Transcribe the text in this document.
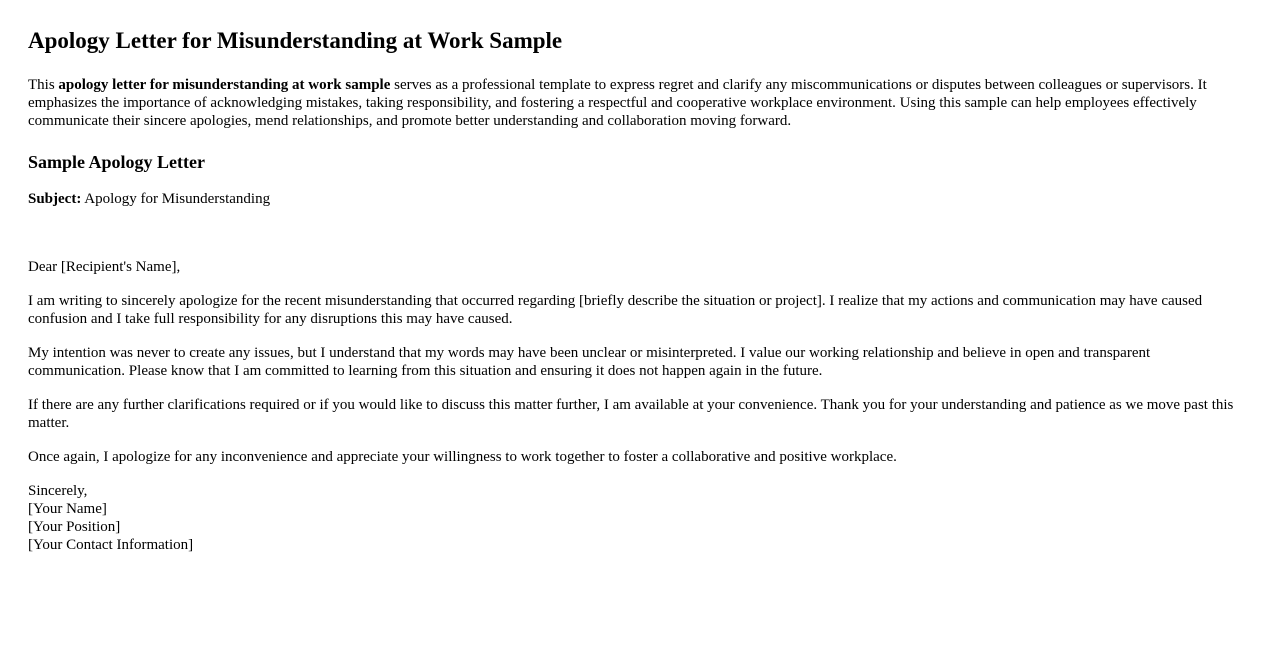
Apology Letter for Misunderstanding at Work Sample

This apology letter for misunderstanding at work sample serves as a professional template to express regret and clarify any miscommunications or disputes between colleagues or supervisors. It emphasizes the importance of acknowledging mistakes, taking responsibility, and fostering a respectful and cooperative workplace environment. Using this sample can help employees effectively communicate their sincere apologies, mend relationships, and promote better understanding and collaboration moving forward.

Sample Apology Letter

Subject: Apology for Misunderstanding

Dear [Recipient's Name],

I am writing to sincerely apologize for the recent misunderstanding that occurred regarding [briefly describe the situation or project]. I realize that my actions and communication may have caused confusion and I take full responsibility for any disruptions this may have caused.

My intention was never to create any issues, but I understand that my words may have been unclear or misinterpreted. I value our working relationship and believe in open and transparent communication. Please know that I am committed to learning from this situation and ensuring it does not happen again in the future.

If there are any further clarifications required or if you would like to discuss this matter further, I am available at your convenience. Thank you for your understanding and patience as we move past this matter.

Once again, I apologize for any inconvenience and appreciate your willingness to work together to foster a collaborative and positive workplace.

Sincerely,
[Your Name]
[Your Position]
[Your Contact Information]
